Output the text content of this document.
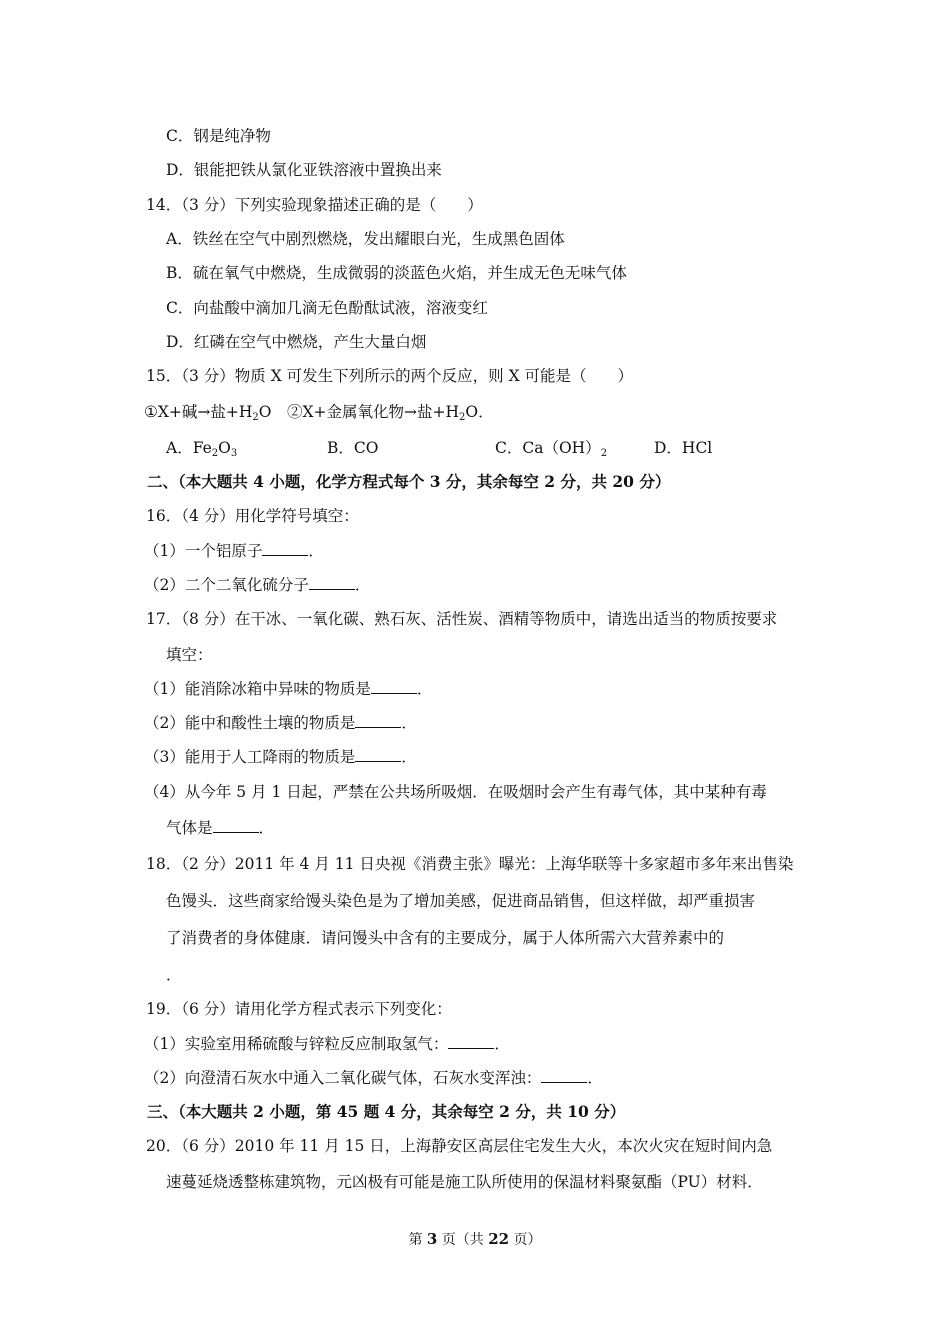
C．钢是纯净物
D．银能把铁从氯化亚铁溶液中置换出来
14．（3 分）下列实验现象描述正确的是（　　）
A．铁丝在空气中剧烈燃烧，发出耀眼白光，生成黑色固体
B．硫在氧气中燃烧，生成微弱的淡蓝色火焰，并生成无色无味气体
C．向盐酸中滴加几滴无色酚酞试液，溶液变红
D．红磷在空气中燃烧，产生大量白烟
15．（3 分）物质 X 可发生下列所示的两个反应，则 X 可能是（　　）
①X+碱→盐$+H_2O$　②X+金属氧化物→盐$+H_2O$．
A．$Fe_2O_3$	B．CO	C．$Ca(OH)_2$	D．HCl
二、（本大题共 4 小题，化学方程式每个 3 分，其余每空 2 分，共 20 分）
16．（4 分）用化学符号填空：
（1）一个铝原子	．
（2）二个二氧化硫分子	．
17．（8 分）在干冰、一氧化碳、熟石灰、活性炭、酒精等物质中，请选出适当的物质按要求
填空：
（1）能消除冰箱中异味的物质是	．
（2）能中和酸性土壤的物质是	．
（3）能用于人工降雨的物质是	．
（4）从今年 5 月 1 日起，严禁在公共场所吸烟．在吸烟时会产生有毒气体，其中某种有毒
气体是	．
18．（2 分）2011 年 4 月 11 日央视《消费主张》曝光：上海华联等十多家超市多年来出售染
色馒头．这些商家给馒头染色是为了增加美感，促进商品销售，但这样做，却严重损害
了消费者的身体健康．请问馒头中含有的主要成分，属于人体所需六大营养素中的
．
19．（6 分）请用化学方程式表示下列变化：
（1）实验室用稀硫酸与锌粒反应制取氢气：	．
（2）向澄清石灰水中通入二氧化碳气体，石灰水变浑浊：	．
三、（本大题共 2 小题，第 45 题 4 分，其余每空 2 分，共 10 分）
20．（6 分）2010 年 11 月 15 日，上海静安区高层住宅发生大火，本次火灾在短时间内急
速蔓延烧透整栋建筑物，元凶极有可能是施工队所使用的保温材料聚氨酯（PU）材料．
第 3 页（共 22 页）
